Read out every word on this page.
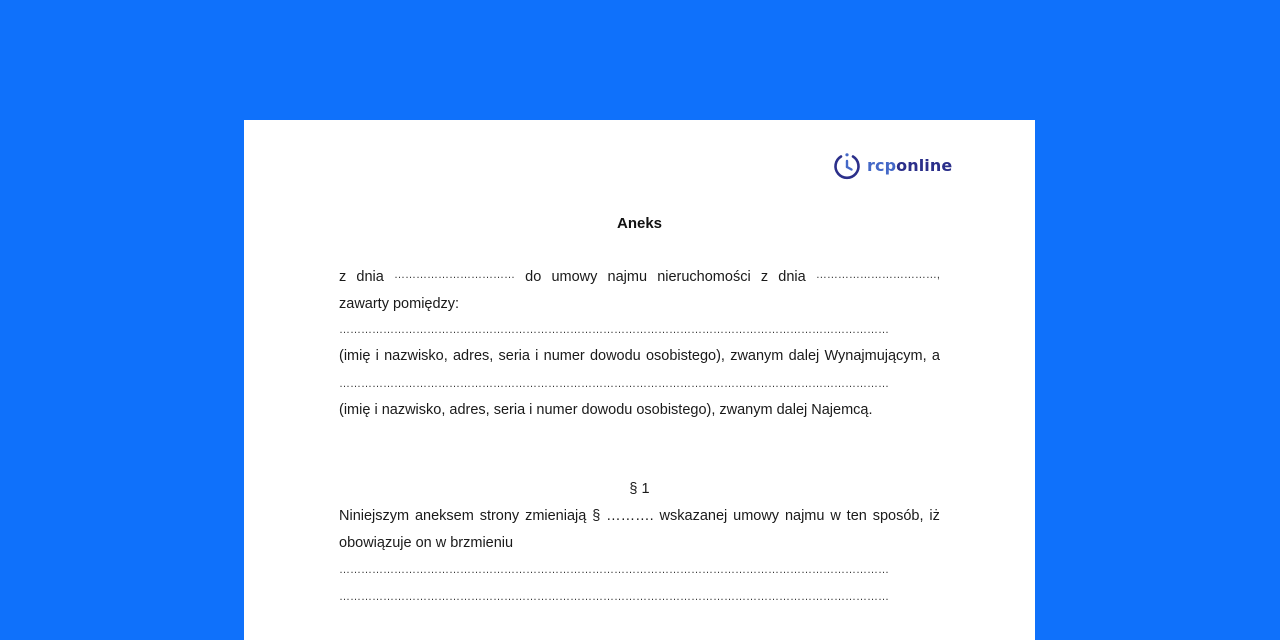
rcponline
Aneks
z dnia …………………………… do umowy najmu nieruchomości z dnia ……………………………,
zawarty pomiędzy:
……………………………………………………………………………………………………………………………………
(imię i nazwisko, adres, seria i numer dowodu osobistego), zwanym dalej Wynajmującym, a
……………………………………………………………………………………………………………………………………
(imię i nazwisko, adres, seria i numer dowodu osobistego), zwanym dalej Najemcą.
§ 1
Niniejszym aneksem strony zmieniają § ………. wskazanej umowy najmu w ten sposób, iż
obowiązuje on w brzmieniu
……………………………………………………………………………………………………………………………………
……………………………………………………………………………………………………………………………………
